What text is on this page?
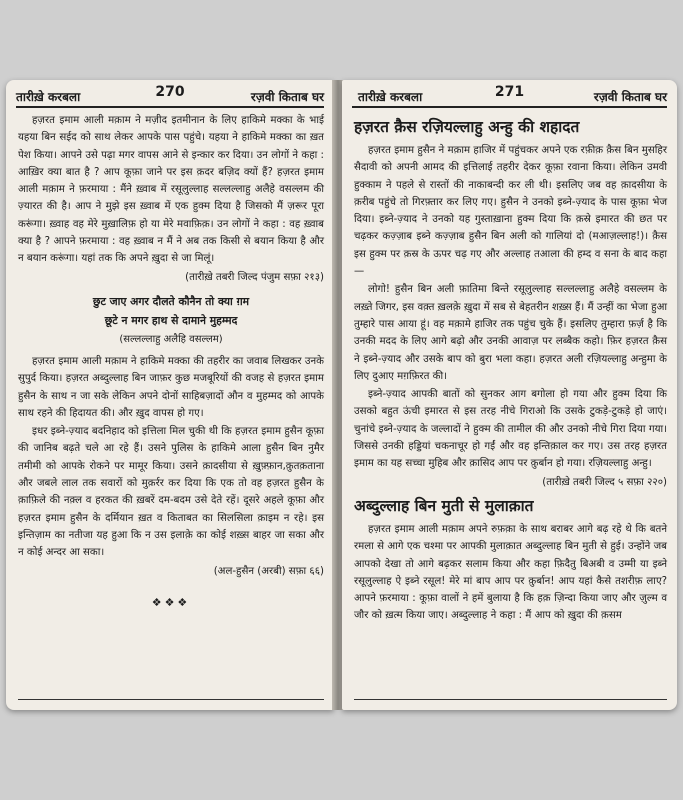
तारीख़े करबला	270	रज़वी किताब घर

हज़रत इमाम आली मक़ाम ने मज़ीद इतमीनान के लिए हाकिमे मक्का के भाई यहया बिन सईद को साथ लेकर आपके पास पहुंचे। यहया ने हाकिमे मक्का का ख़त पेश किया। आपने उसे पढ़ा मगर वापस आने से इन्कार कर दिया। उन लोगों ने कहा : आख़िर क्या बात है ? आप कूफ़ा जाने पर इस क़दर बज़िद क्यों हैं? हज़रत इमाम आली मक़ाम ने फ़रमाया : मैंने ख़्वाब में रसूलुल्लाह सल्लल्लाहु अलैहे वसल्लम की ज़्यारत की है। आप ने मुझे इस ख़्वाब में एक हुक्म दिया है जिसको मैं ज़रूर पूरा करूंगा। ख़्वाह वह मेरे मुख़ालिफ़ हो या मेरे मवाफ़िक़। उन लोगों ने कहा : वह ख़्वाब क्या है ? आपने फ़रमाया : वह ख़्वाब न मैं ने अब तक किसी से बयान किया है और न बयान करूंगा। यहां तक कि अपने ख़ुदा से जा मिलूं।

(तारीख़े तबरी जिल्द पंजुम सफ़ा २१३)
छुट जाए अगर दौलते कौनैन तो क्या ग़म
छूटे न मगर हाथ से दामाने मुहम्मद
(सल्लल्लाहु अलैहि वसल्लम)

हज़रत इमाम आली मक़ाम ने हाकिमे मक्का की तहरीर का जवाब लिखकर उनके सुपुर्द किया। हज़रत अब्दुल्लाह बिन जाफ़र कुछ मजबूरियों की वजह से हज़रत इमाम हुसैन के साथ न जा सके लेकिन अपने दोनों साहिबज़ादों औन व मुहम्मद को आपके साथ रहने की हिदायत की। और ख़ुद वापस हो गए।

इधर इब्ने-ज़्याद बदनिहाद को इत्तिला मिल चुकी थी कि हज़रत इमाम हुसैन कूफ़ा की जानिब बढ़ते चले आ रहे हैं। उसने पुलिस के हाकिमे आला हुसैन बिन नुमैर तमीमी को आपके रोकने पर मामूर किया। उसने क़ादसीया से ख़ुफ़्फ़ान,क़ुतक़ताना और जबले लाल तक सवारों को मुक़र्रर कर दिया कि एक तो वह हज़रत हुसैन के क़ाफ़िले की नक़्ल व हरकत की ख़बरें दम-बदम उसे देते रहें। दूसरे अहले कूफ़ा और हज़रत इमाम हुसैन के दर्मियान ख़त व किताबत का सिलसिला क़ाइम न रहे। इस इन्तिज़ाम का नतीजा यह हुआ कि न उस इलाक़े का कोई शख़्स बाहर जा सका और न कोई अन्दर आ सका।

(अल-हुसैन (अरबी) सफ़ा ६६)
❖❖❖
तारीख़े करबला	271	रज़वी किताब घर
हज़रत क़ैस रज़ियल्लाहु अन्हु की शहादत

हज़रत इमाम हुसैन ने मक़ाम हाजिर में पहुंचकर अपने एक रफ़ीक़ क़ैस बिन मुसहिर सैदावी को अपनी आमद की इत्तिलाई तहरीर देकर कूफ़ा रवाना किया। लेकिन उमवी हुक्काम ने पहले से रास्तों की नाकाबन्दी कर ली थी। इसलिए जब वह क़ादसीया के क़रीब पहुंचे तो गिरफ़्तार कर लिए गए। हुसैन ने उनको इब्ने-ज़्याद के पास कूफ़ा भेज दिया। इब्ने-ज़्याद ने उनको यह गुस्ताख़ाना हुक्म दिया कि क़स्रे इमारत की छत पर चढ़कर कज़्ज़ाब इब्ने कज़्ज़ाब हुसैन बिन अली को गालियां दो (मआज़ल्लाह!)। क़ैस इस हुक्म पर क़स्र के ऊपर चढ़ गए और अल्लाह तआला की हम्द व सना के बाद कहा—

लोगो! हुसैन बिन अली फ़ातिमा बिन्ते रसूलुल्लाह सल्लल्लाहु अलैहे वसल्लम के लख़्ते जिगर, इस वक़्त ख़लक़े ख़ुदा में सब से बेहतरीन शख़्स हैं। मैं उन्हीं का भेजा हुआ तुम्हारे पास आया हूं। वह मक़ामे हाजिर तक पहुंच चुके हैं। इसलिए तुम्हारा फ़र्ज़ है कि उनकी मदद के लिए आगे बढ़ो और उनकी आवाज़ पर लब्बैक कहो। फ़िर हज़रत क़ैस ने इब्ने-ज़्याद और उसके बाप को बुरा भला कहा। हज़रत अली रज़ियल्लाहु अन्हुमा के लिए दुआए मग़फ़िरत की।

इब्ने-ज़्याद आपकी बातों को सुनकर आग बगोला हो गया और हुक्म दिया कि उसको बहुत ऊंची इमारत से इस तरह नीचे गिराओ कि उसके टुकड़े-टुकड़े हो जाएं। चुनांचे इब्ने-ज़्याद के जल्लादों ने हुक्म की तामील की और उनको नीचे गिरा दिया गया। जिससे उनकी हड्डियां चकनाचूर हो गईं और वह इन्तिक़ाल कर गए। उस तरह हज़रत इमाम का यह सच्चा मुहिब और क़ासिद आप पर क़ुर्बान हो गया। रज़ियल्लाहु अन्हु।

(तारीख़े तबरी जिल्द ५ सफ़ा २२०)
अब्दुल्लाह बिन मुती से मुलाक़ात

हज़रत इमाम आली मक़ाम अपने रुफ़क़ा के साथ बराबर आगे बढ़ रहे थे कि बतने रमला से आगे एक चश्मा पर आपकी मुलाक़ात अब्दुल्लाह बिन मुती से हुई। उन्होंने जब आपको देखा तो आगे बढ़कर सलाम किया और कहा फ़िदैतु बिअबी व उम्मी या इब्ने रसूलुल्लाह ऐ इब्ने रसूल! मेरे मां बाप आप पर क़ुर्बान! आप यहां कैसे तशरीफ़ लाए? आपने फ़रमाया : कूफ़ा वालों ने हमें बुलाया है कि हक़ ज़िन्दा किया जाए और ज़ुल्म व जौर को ख़त्म किया जाए। अब्दुल्लाह ने कहा : मैं आप को ख़ुदा की क़सम
